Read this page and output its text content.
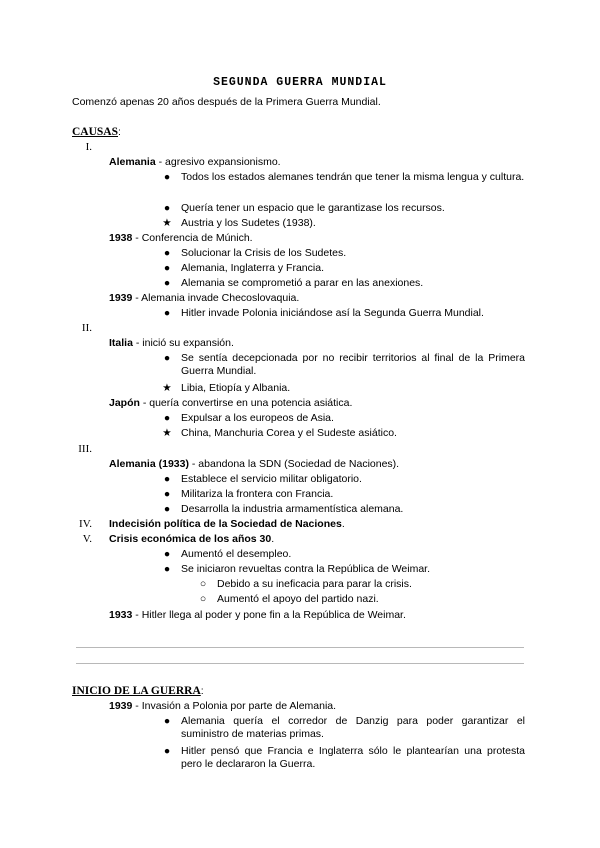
SEGUNDA GUERRA MUNDIAL
Comenzó apenas 20 años después de la Primera Guerra Mundial.
CAUSAS:
I.
Alemania - agresivo expansionismo.
●	Todos los estados alemanes tendrán que tener la misma lengua y cultura.
●	Quería tener un espacio que le garantizase los recursos.
★ Austria y los Sudetes (1938).
1938 - Conferencia de Múnich.
●	Solucionar la Crisis de los Sudetes.
●	Alemania, Inglaterra y Francia.
●	Alemania se comprometió a parar en las anexiones.
1939 - Alemania invade Checoslovaquia.
●	Hitler invade Polonia iniciándose así la Segunda Guerra Mundial.
II.
Italia - inició su expansión.
●	Se sentía decepcionada por no recibir territorios al final de la Primera Guerra Mundial.
★ Libia, Etiopía y Albania.
Japón - quería convertirse en una potencia asiática.
●	Expulsar a los europeos de Asia.
★ China, Manchuria Corea y el Sudeste asiático.
III.
Alemania (1933) - abandona la SDN (Sociedad de Naciones).
●	Establece el servicio militar obligatorio.
●	Militariza la frontera con Francia.
●	Desarrolla la industria armamentística alemana.
IV. Indecisión política de la Sociedad de Naciones.
V. Crisis económica de los años 30.
●	Aumentó el desempleo.
●	Se iniciaron revueltas contra la República de Weimar.
○	Debido a su ineficacia para parar la crisis.
○	Aumentó el apoyo del partido nazi.
1933 - Hitler llega al poder y pone fin a la República de Weimar.
INICIO DE LA GUERRA:
1939 - Invasión a Polonia por parte de Alemania.
●	Alemania quería el corredor de Danzig para poder garantizar el suministro de materias primas.
●	Hitler pensó que Francia e Inglaterra sólo le plantearían una protesta pero le declararon la Guerra.
